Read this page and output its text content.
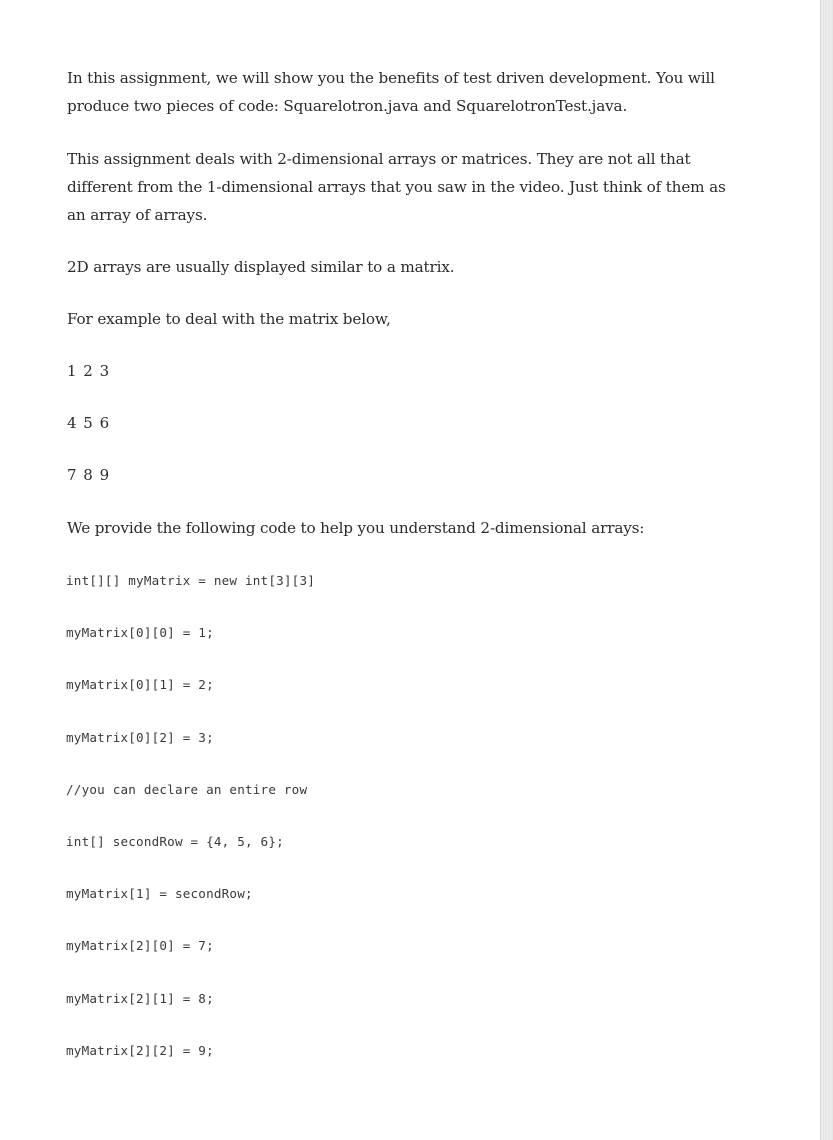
In this assignment, we will show you the benefits of test driven development. You will produce two pieces of code: Squarelotron.java and SquarelotronTest.java.

This assignment deals with 2-dimensional arrays or matrices. They are not all that different from the 1-dimensional arrays that you saw in the video. Just think of them as an array of arrays.

2D arrays are usually displayed similar to a matrix.

For example to deal with the matrix below,

1 2 3

4 5 6

7 8 9

We provide the following code to help you understand 2-dimensional arrays:

int[][] myMatrix = new int[3][3]
myMatrix[0][0] = 1;
myMatrix[0][1] = 2;
myMatrix[0][2] = 3;
//you can declare an entire row
int[] secondRow = {4, 5, 6};
myMatrix[1] = secondRow;
myMatrix[2][0] = 7;
myMatrix[2][1] = 8;
myMatrix[2][2] = 9;
